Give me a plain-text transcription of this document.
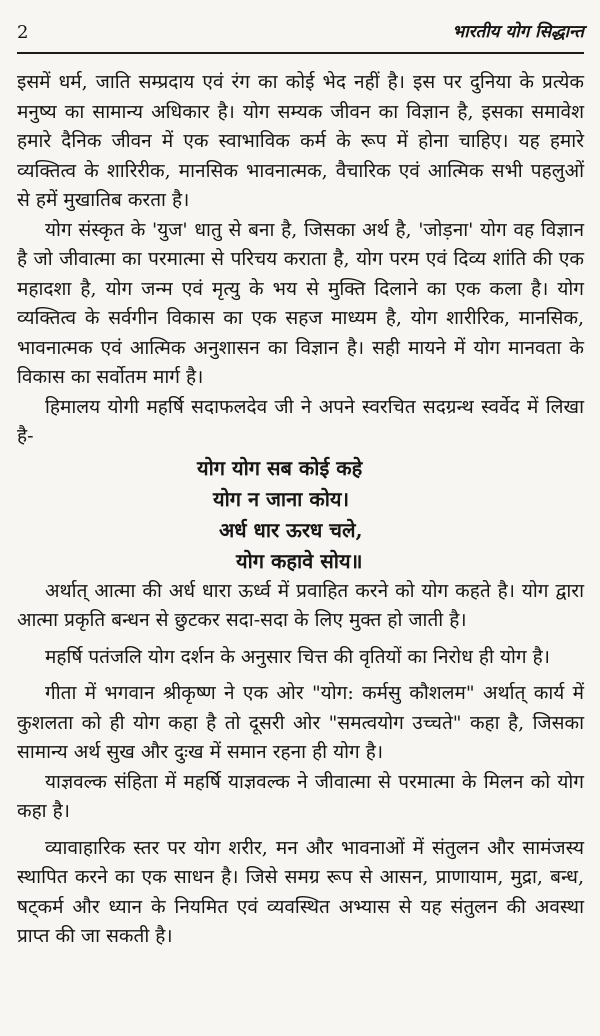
2	भारतीय योग सिद्धान्त

इसमें धर्म, जाति सम्प्रदाय एवं रंग का कोई भेद नहीं है। इस पर दुनिया के प्रत्येक मनुष्य का सामान्य अधिकार है। योग सम्यक जीवन का विज्ञान है, इसका समावेश हमारे दैनिक जीवन में एक स्वाभाविक कर्म के रूप में होना चाहिए। यह हमारे व्यक्तित्व के शारिरीक, मानसिक भावनात्मक, वैचारिक एवं आत्मिक सभी पहलुओं से हमें मुखातिब करता है।

योग संस्कृत के 'युज' धातु से बना है, जिसका अर्थ है, 'जोड़ना' योग वह विज्ञान है जो जीवात्मा का परमात्मा से परिचय कराता है, योग परम एवं दिव्य शांति की एक महादशा है, योग जन्म एवं मृत्यु के भय से मुक्ति दिलाने का एक कला है। योग व्यक्तित्व के सर्वगीन विकास का एक सहज माध्यम है, योग शारीरिक, मानसिक, भावनात्मक एवं आत्मिक अनुशासन का विज्ञान है। सही मायने में योग मानवता के विकास का सर्वोतम मार्ग है।

हिमालय योगी महर्षि सदाफलदेव जी ने अपने स्वरचित सदग्रन्थ स्वर्वेद में लिखा है-

योग योग सब कोई कहे
योग न जाना कोय।
अर्ध धार ऊरध चले,
योग कहावे सोय॥

अर्थात् आत्मा की अर्ध धारा ऊर्ध्व में प्रवाहित करने को योग कहते है। योग द्वारा आत्मा प्रकृति बन्धन से छुटकर सदा-सदा के लिए मुक्त हो जाती है।

महर्षि पतंजलि योग दर्शन के अनुसार चित्त की वृतियों का निरोध ही योग है।

गीता में भगवान श्रीकृष्ण ने एक ओर "योग: कर्मसु कौशलम" अर्थात् कार्य में कुशलता को ही योग कहा है तो दूसरी ओर "समत्वयोग उच्चते" कहा है, जिसका सामान्य अर्थ सुख और दुःख में समान रहना ही योग है।

याज्ञवल्क संहिता में महर्षि याज्ञवल्क ने जीवात्मा से परमात्मा के मिलन को योग कहा है।

व्यावाहारिक स्तर पर योग शरीर, मन और भावनाओं में संतुलन और सामंजस्य स्थापित करने का एक साधन है। जिसे समग्र रूप से आसन, प्राणायाम, मुद्रा, बन्ध, षट्कर्म और ध्यान के नियमित एवं व्यवस्थित अभ्यास से यह संतुलन की अवस्था प्राप्त की जा सकती है।
